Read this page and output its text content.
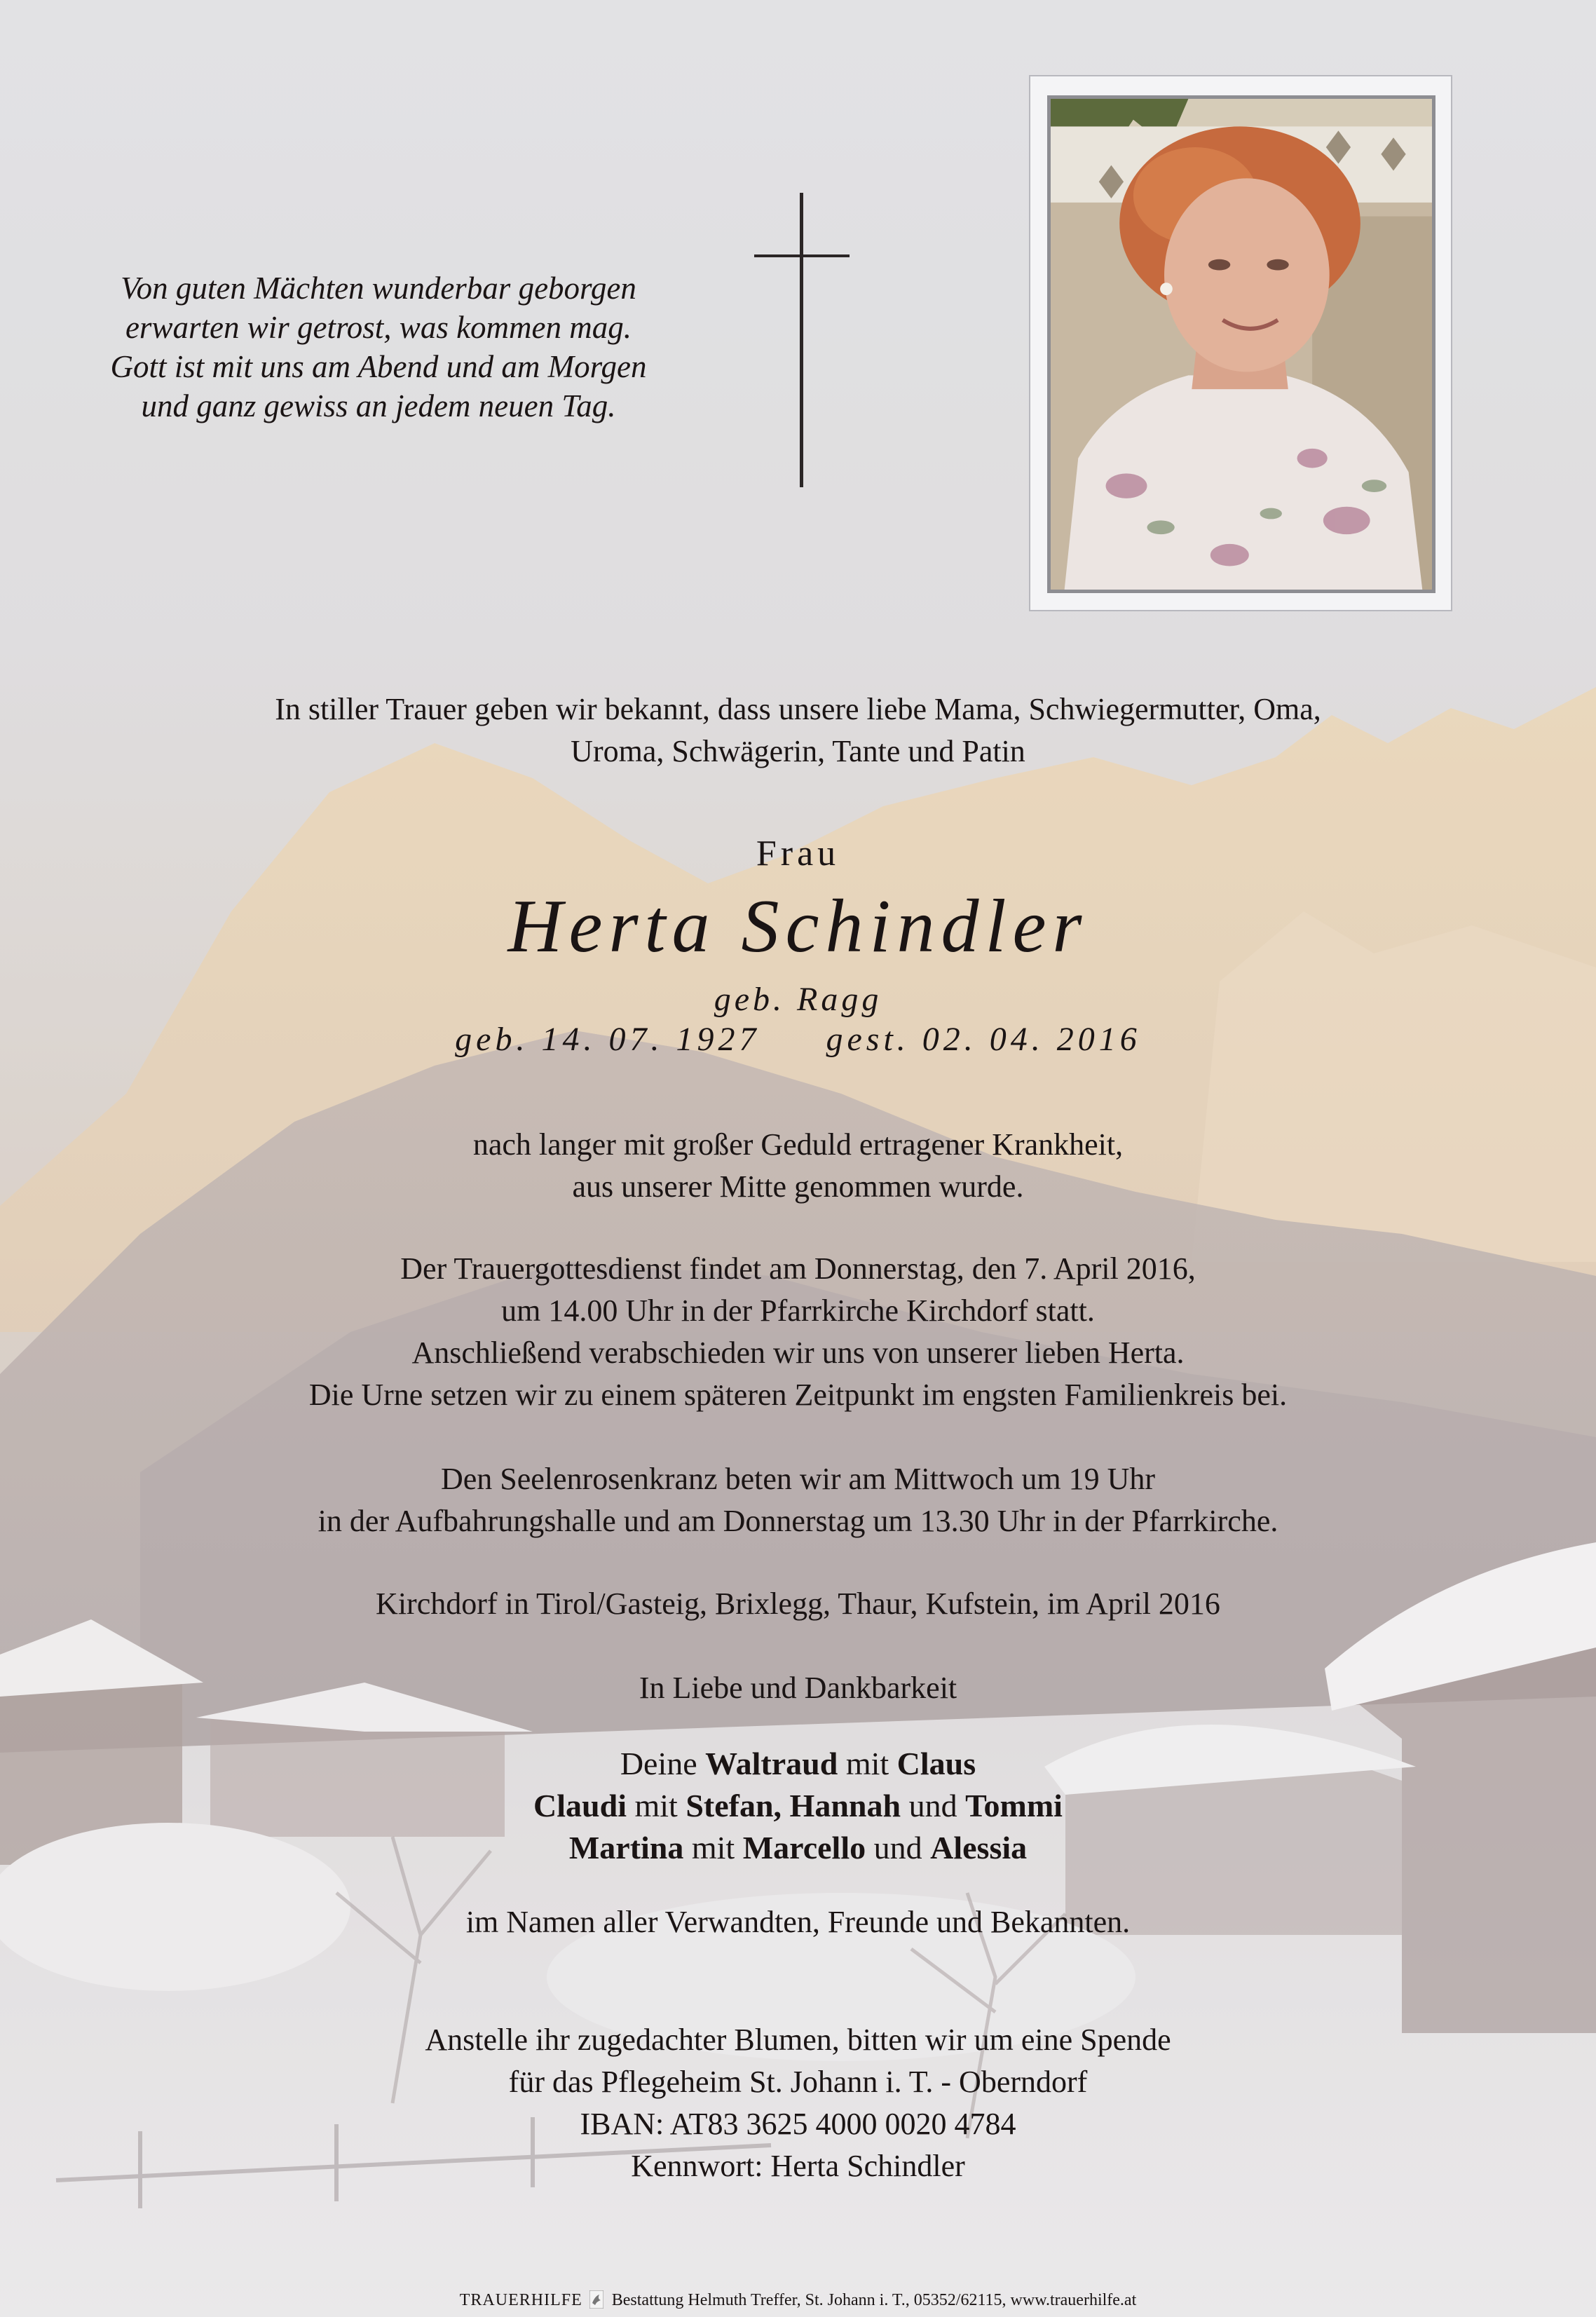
Von guten Mächten wunderbar geborgen
erwarten wir getrost, was kommen mag.
Gott ist mit uns am Abend und am Morgen
und ganz gewiss an jedem neuen Tag.
In stiller Trauer geben wir bekannt, dass unsere liebe Mama, Schwiegermutter, Oma,
Uroma, Schwägerin, Tante und Patin
Frau
Herta Schindler
geb. Ragg
geb. 14. 07. 1927 gest. 02. 04. 2016
nach langer mit großer Geduld ertragener Krankheit,
aus unserer Mitte genommen wurde.
Der Trauergottesdienst findet am Donnerstag, den 7. April 2016,
um 14.00 Uhr in der Pfarrkirche Kirchdorf statt.
Anschließend verabschieden wir uns von unserer lieben Herta.
Die Urne setzen wir zu einem späteren Zeitpunkt im engsten Familienkreis bei.
Den Seelenrosenkranz beten wir am Mittwoch um 19 Uhr
in der Aufbahrungshalle und am Donnerstag um 13.30 Uhr in der Pfarrkirche.
Kirchdorf in Tirol/Gasteig, Brixlegg, Thaur, Kufstein, im April 2016
In Liebe und Dankbarkeit
Deine Waltraud mit Claus
Claudi mit Stefan, Hannah und Tommi
Martina mit Marcello und Alessia
im Namen aller Verwandten, Freunde und Bekannten.
Anstelle ihr zugedachter Blumen, bitten wir um eine Spende
für das Pflegeheim St. Johann i. T. - Oberndorf
IBAN: AT83 3625 4000 0020 4784
Kennwort: Herta Schindler
TRAUERHILFE Bestattung Helmuth Treffer, St. Johann i. T., 05352/62115, www.trauerhilfe.at
